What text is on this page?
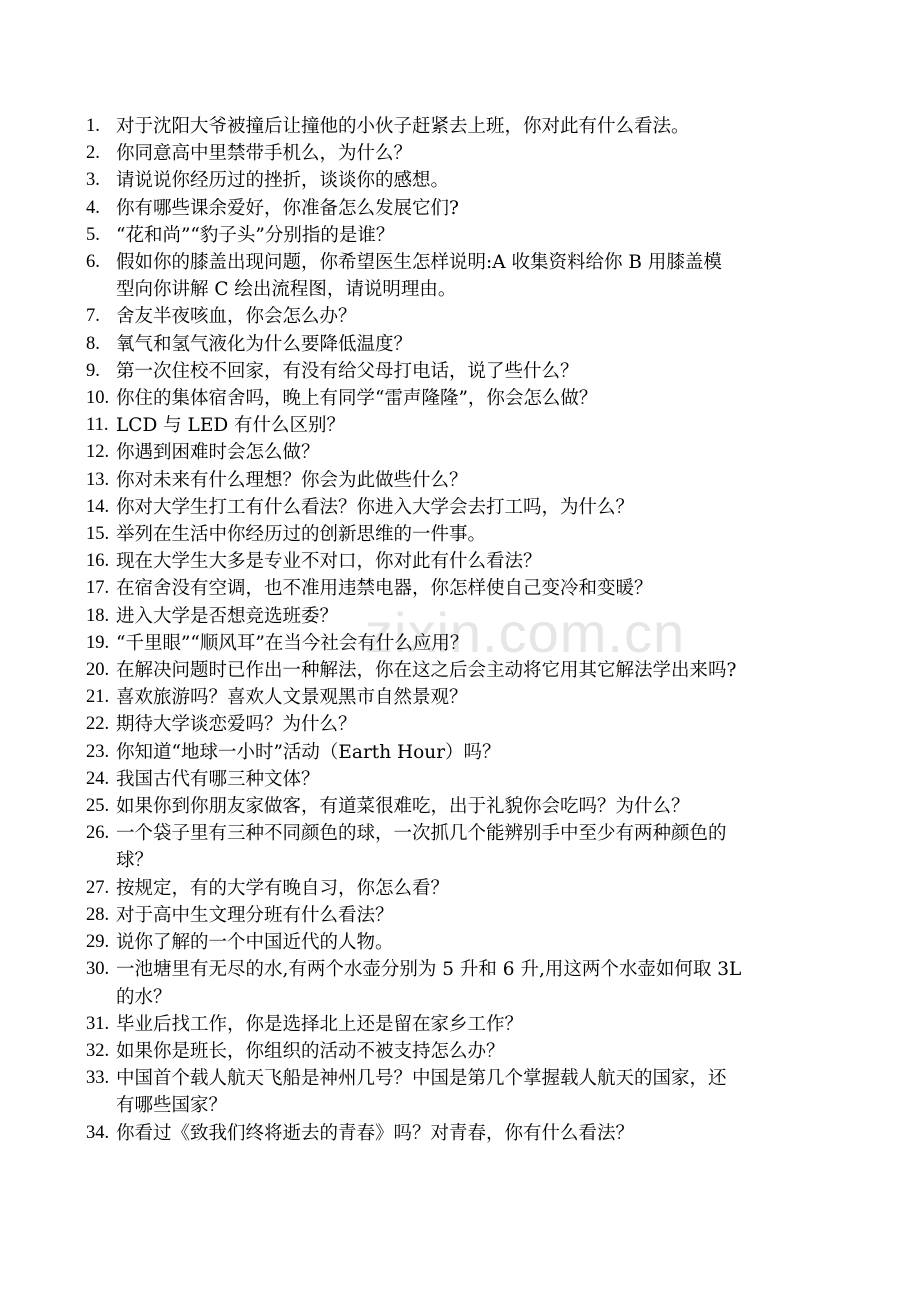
zixin.com.cn
1. 对于沈阳大爷被撞后让撞他的小伙子赶紧去上班，你对此有什么看法。
2. 你同意高中里禁带手机么，为什么？
3. 请说说你经历过的挫折，谈谈你的感想。
4. 你有哪些课余爱好，你准备怎么发展它们?
5. “花和尚”“豹子头”分别指的是谁？
6. 假如你的膝盖出现问题，你希望医生怎样说明:A 收集资料给你 B 用膝盖模
型向你讲解 C 绘出流程图，请说明理由。
7. 舍友半夜咳血，你会怎么办？
8. 氧气和氢气液化为什么要降低温度？
9. 第一次住校不回家，有没有给父母打电话，说了些什么？
10. 你住的集体宿舍吗，晚上有同学“雷声隆隆”，你会怎么做？
11. LCD 与 LED 有什么区别？
12. 你遇到困难时会怎么做？
13. 你对未来有什么理想？你会为此做些什么？
14. 你对大学生打工有什么看法？你进入大学会去打工吗，为什么？
15. 举列在生活中你经历过的创新思维的一件事。
16. 现在大学生大多是专业不对口，你对此有什么看法？
17. 在宿舍没有空调，也不准用违禁电器，你怎样使自己变冷和变暖？
18. 进入大学是否想竞选班委？
19. “千里眼”“顺风耳”在当今社会有什么应用？
20. 在解决问题时已作出一种解法，你在这之后会主动将它用其它解法学出来吗?
21. 喜欢旅游吗？喜欢人文景观黑市自然景观？
22. 期待大学谈恋爱吗？为什么？
23. 你知道“地球一小时”活动（Earth Hour）吗？
24. 我国古代有哪三种文体？
25. 如果你到你朋友家做客，有道菜很难吃，出于礼貌你会吃吗？为什么？
26. 一个袋子里有三种不同颜色的球，一次抓几个能辨别手中至少有两种颜色的
球？
27. 按规定，有的大学有晚自习，你怎么看？
28. 对于高中生文理分班有什么看法？
29. 说你了解的一个中国近代的人物。
30. 一池塘里有无尽的水,有两个水壶分别为 5 升和 6 升,用这两个水壶如何取 3L
的水？
31. 毕业后找工作，你是选择北上还是留在家乡工作？
32. 如果你是班长，你组织的活动不被支持怎么办？
33. 中国首个载人航天飞船是神州几号？中国是第几个掌握载人航天的国家，还
有哪些国家？
34. 你看过《致我们终将逝去的青春》吗？对青春，你有什么看法？
